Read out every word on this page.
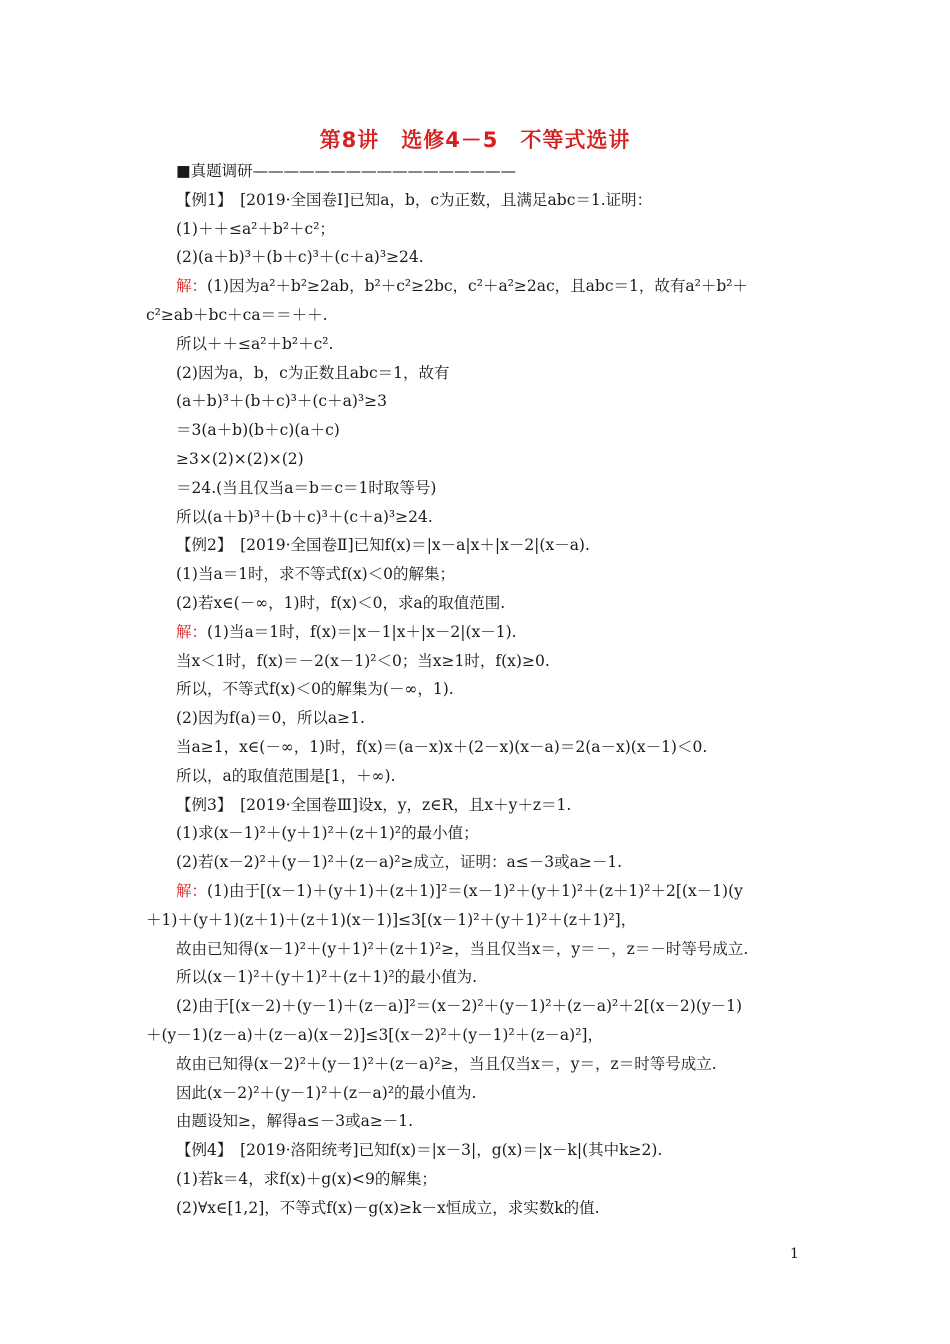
第8讲　选修4－5　不等式选讲
■真题调研—————————————————
【例1】　[2019·全国卷Ⅰ]已知a，b，c为正数，且满足abc＝1.证明：
(1)＋＋≤a²＋b²＋c²；
(2)(a＋b)³＋(b＋c)³＋(c＋a)³≥24.
解：(1)因为a²＋b²≥2ab，b²＋c²≥2bc，c²＋a²≥2ac，且abc＝1，故有a²＋b²＋
c²≥ab＋bc＋ca＝＝＋＋.
所以＋＋≤a²＋b²＋c².
(2)因为a，b，c为正数且abc＝1，故有
(a＋b)³＋(b＋c)³＋(c＋a)³≥3
＝3(a＋b)(b＋c)(a＋c)
≥3×(2)×(2)×(2)
＝24.(当且仅当a＝b＝c＝1时取等号)
所以(a＋b)³＋(b＋c)³＋(c＋a)³≥24.
【例2】　[2019·全国卷Ⅱ]已知f(x)＝|x－a|x＋|x－2|(x－a).
(1)当a＝1时，求不等式f(x)＜0的解集；
(2)若x∈(－∞，1)时，f(x)＜0，求a的取值范围.
解：(1)当a＝1时，f(x)＝|x－1|x＋|x－2|(x－1).
当x＜1时，f(x)＝－2(x－1)²＜0；当x≥1时，f(x)≥0.
所以，不等式f(x)＜0的解集为(－∞，1).
(2)因为f(a)＝0，所以a≥1.
当a≥1，x∈(－∞，1)时，f(x)＝(a－x)x＋(2－x)(x－a)＝2(a－x)(x－1)＜0.
所以，a的取值范围是[1，＋∞).
【例3】　[2019·全国卷Ⅲ]设x，y，z∈R，且x＋y＋z＝1.
(1)求(x－1)²＋(y＋1)²＋(z＋1)²的最小值；
(2)若(x－2)²＋(y－1)²＋(z－a)²≥成立，证明：a≤－3或a≥－1.
解：(1)由于[(x－1)＋(y＋1)＋(z＋1)]²＝(x－1)²＋(y＋1)²＋(z＋1)²＋2[(x－1)(y
＋1)＋(y＋1)(z＋1)＋(z＋1)(x－1)]≤3[(x－1)²＋(y＋1)²＋(z＋1)²]，
故由已知得(x－1)²＋(y＋1)²＋(z＋1)²≥，当且仅当x＝，y＝－，z＝－时等号成立.
所以(x－1)²＋(y＋1)²＋(z＋1)²的最小值为.
(2)由于[(x－2)＋(y－1)＋(z－a)]²＝(x－2)²＋(y－1)²＋(z－a)²＋2[(x－2)(y－1)
＋(y－1)(z－a)＋(z－a)(x－2)]≤3[(x－2)²＋(y－1)²＋(z－a)²]，
故由已知得(x－2)²＋(y－1)²＋(z－a)²≥，当且仅当x＝，y＝，z＝时等号成立.
因此(x－2)²＋(y－1)²＋(z－a)²的最小值为.
由题设知≥，解得a≤－3或a≥－1.
【例4】　[2019·洛阳统考]已知f(x)＝|x－3|，g(x)＝|x－k|(其中k≥2).
(1)若k＝4，求f(x)＋g(x)<9的解集；
(2)∀x∈[1,2]，不等式f(x)－g(x)≥k－x恒成立，求实数k的值.
1
